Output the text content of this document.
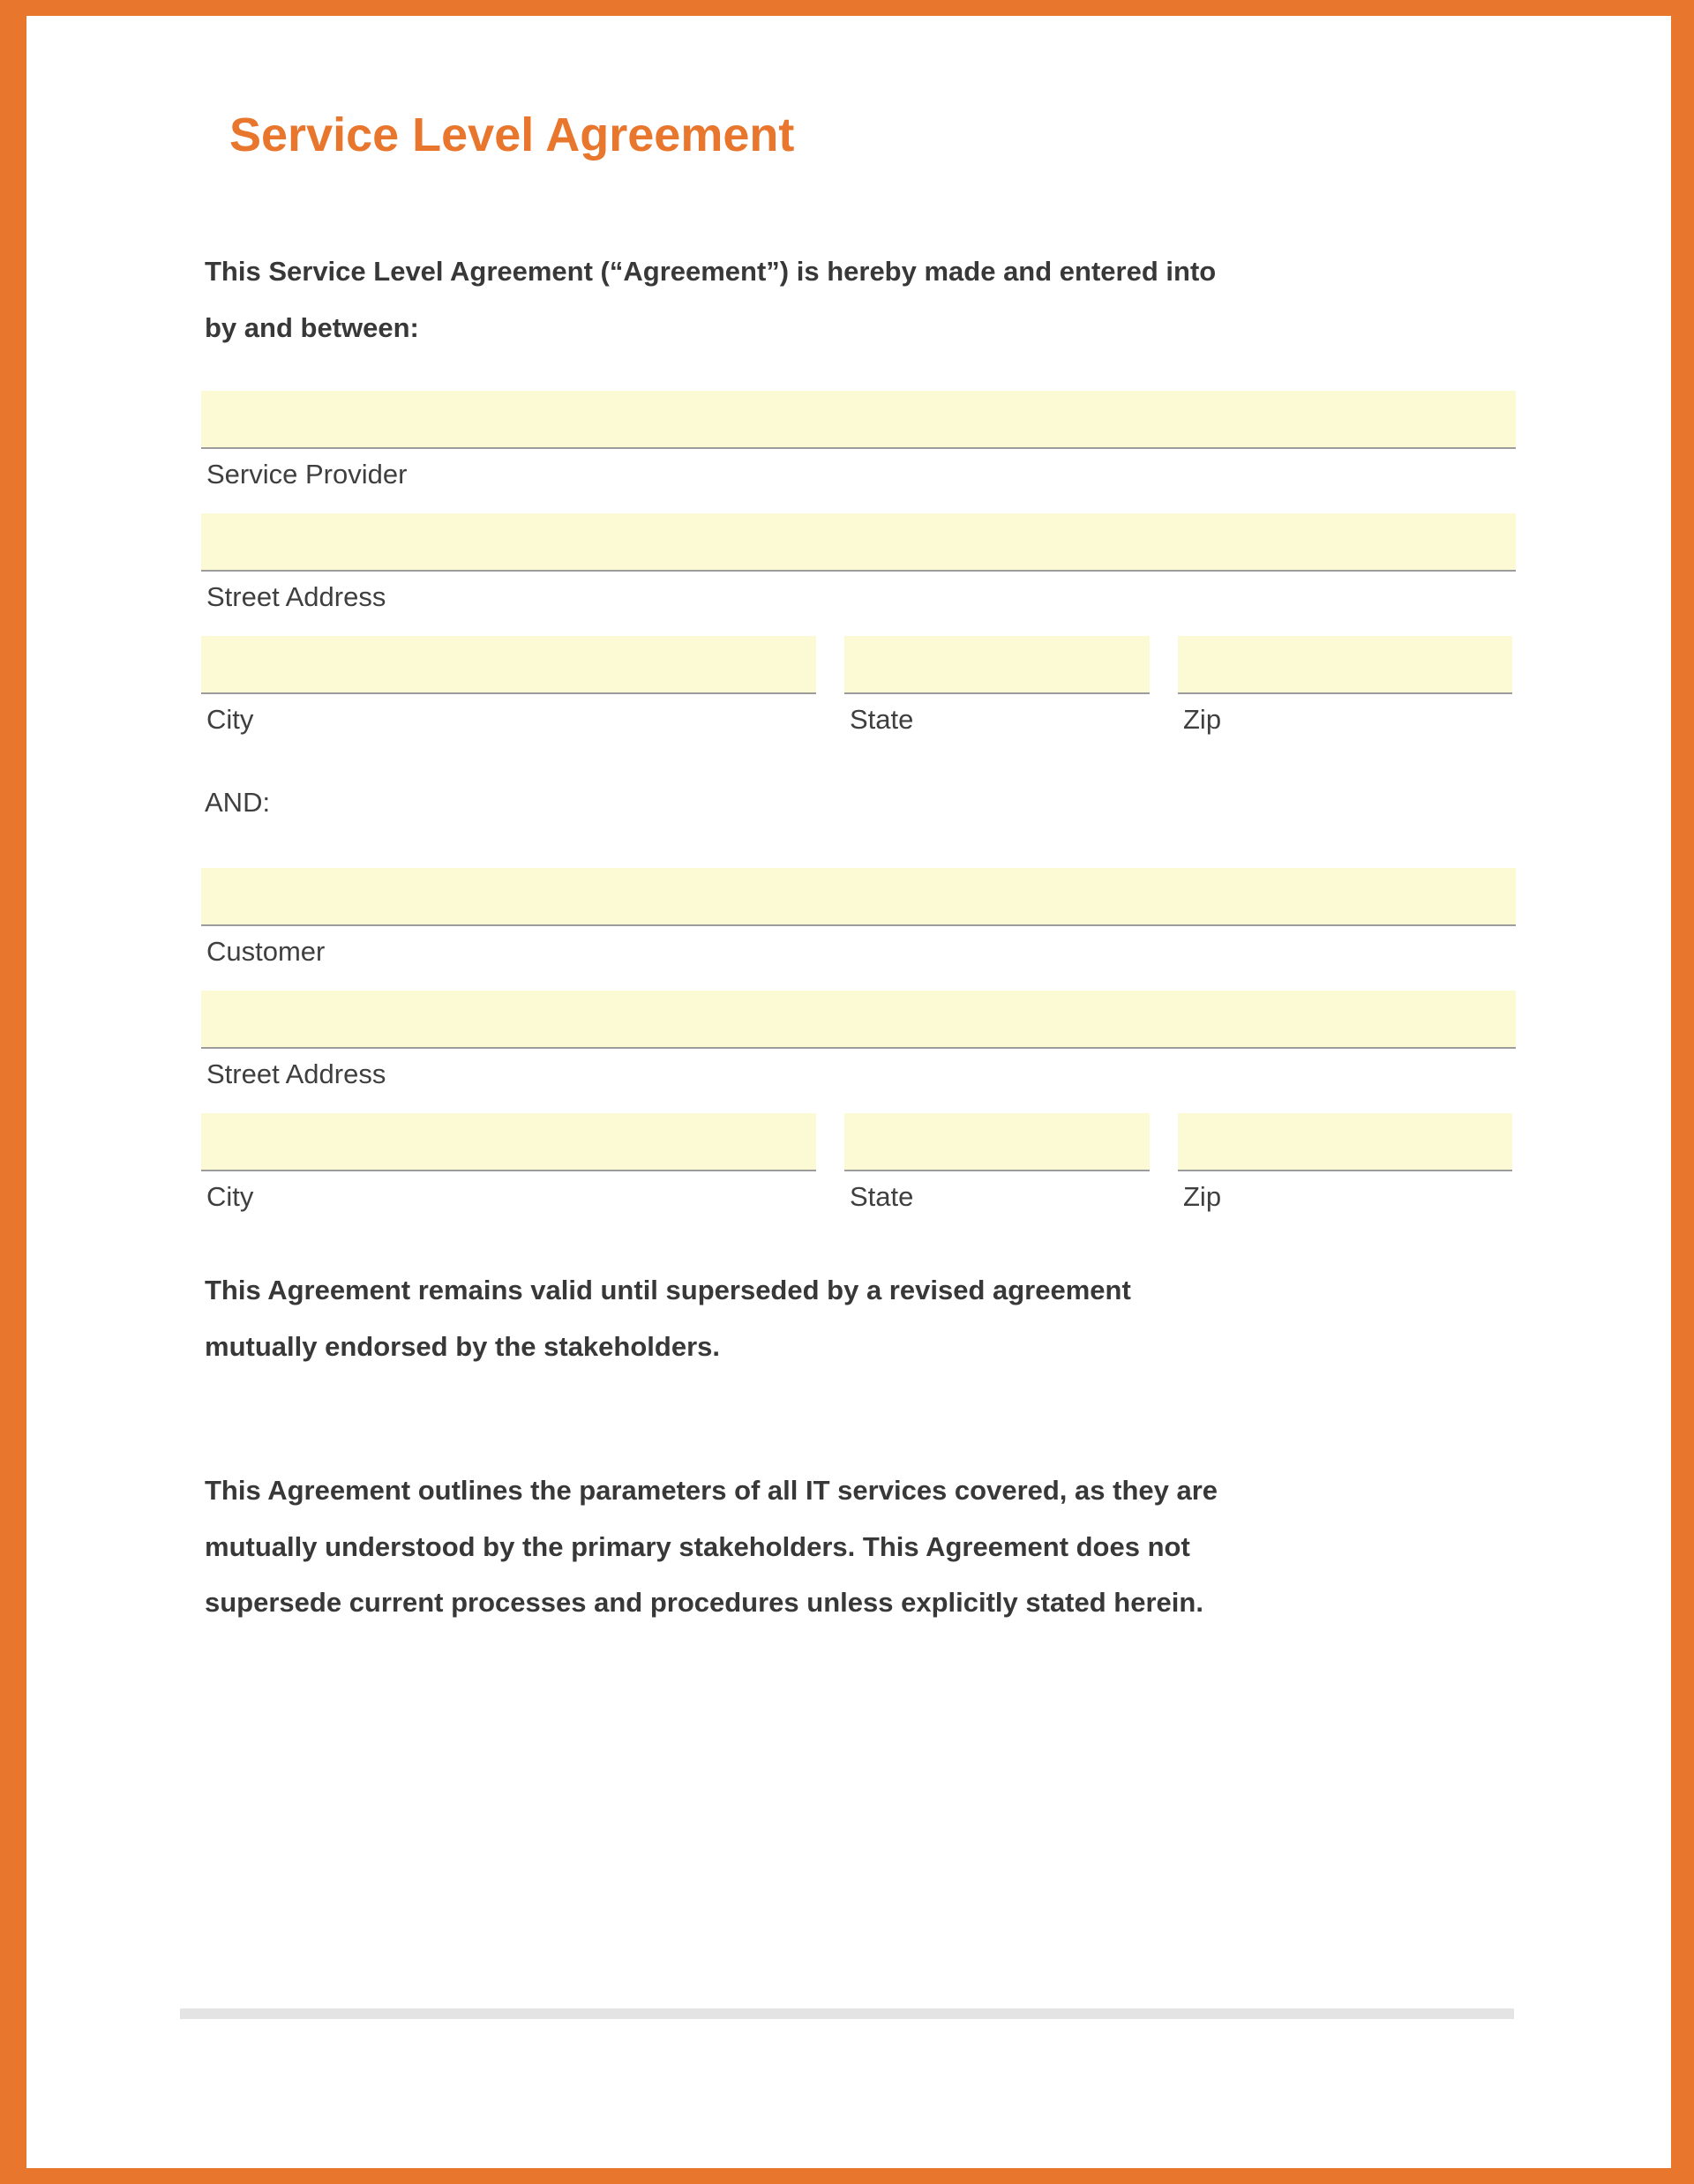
Service Level Agreement
This Service Level Agreement (“Agreement”) is hereby made and entered into
by and between:
Service Provider
Street Address
City	State	Zip
AND:
Customer
Street Address
City	State	Zip
This Agreement remains valid until superseded by a revised agreement
mutually endorsed by the stakeholders.
This Agreement outlines the parameters of all IT services covered, as they are
mutually understood by the primary stakeholders. This Agreement does not
supersede current processes and procedures unless explicitly stated herein.
